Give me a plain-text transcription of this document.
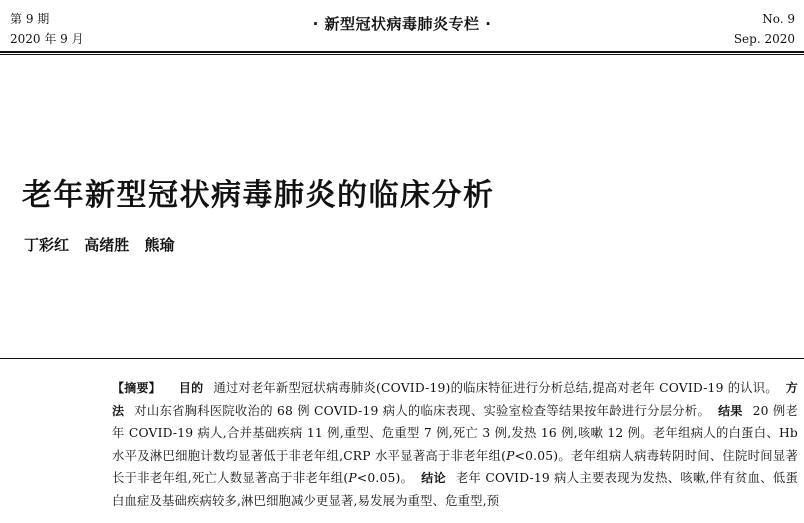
第 9 期
2020 年 9 月
· 新型冠状病毒肺炎专栏 ·	No. 9
Sep. 2020
老年新型冠状病毒肺炎的临床分析
丁彩红 高绪胜 熊瑜

【摘要】 目的 通过对老年新型冠状病毒肺炎(COVID-19)的临床特征进行分析总结,提高对老年 COVID-19 的认识。 方法 对山东省胸科医院收治的 68 例 COVID-19 病人的临床表现、实验室检查等结果按年龄进行分层分析。 结果 20 例老年 COVID-19 病人,合并基础疾病 11 例,重型、危重型 7 例,死亡 3 例,发热 16 例,咳嗽 12 例。老年组病人的白蛋白、Hb 水平及淋巴细胞计数均显著低于非老年组,CRP 水平显著高于非老年组(P<0.05)。老年组病人病毒转阴时间、住院时间显著长于非老年组,死亡人数显著高于非老年组(P<0.05)。 结论 老年 COVID-19 病人主要表现为发热、咳嗽,伴有贫血、低蛋白血症及基础疾病较多,淋巴细胞减少更显著,易发展为重型、危重型,预
